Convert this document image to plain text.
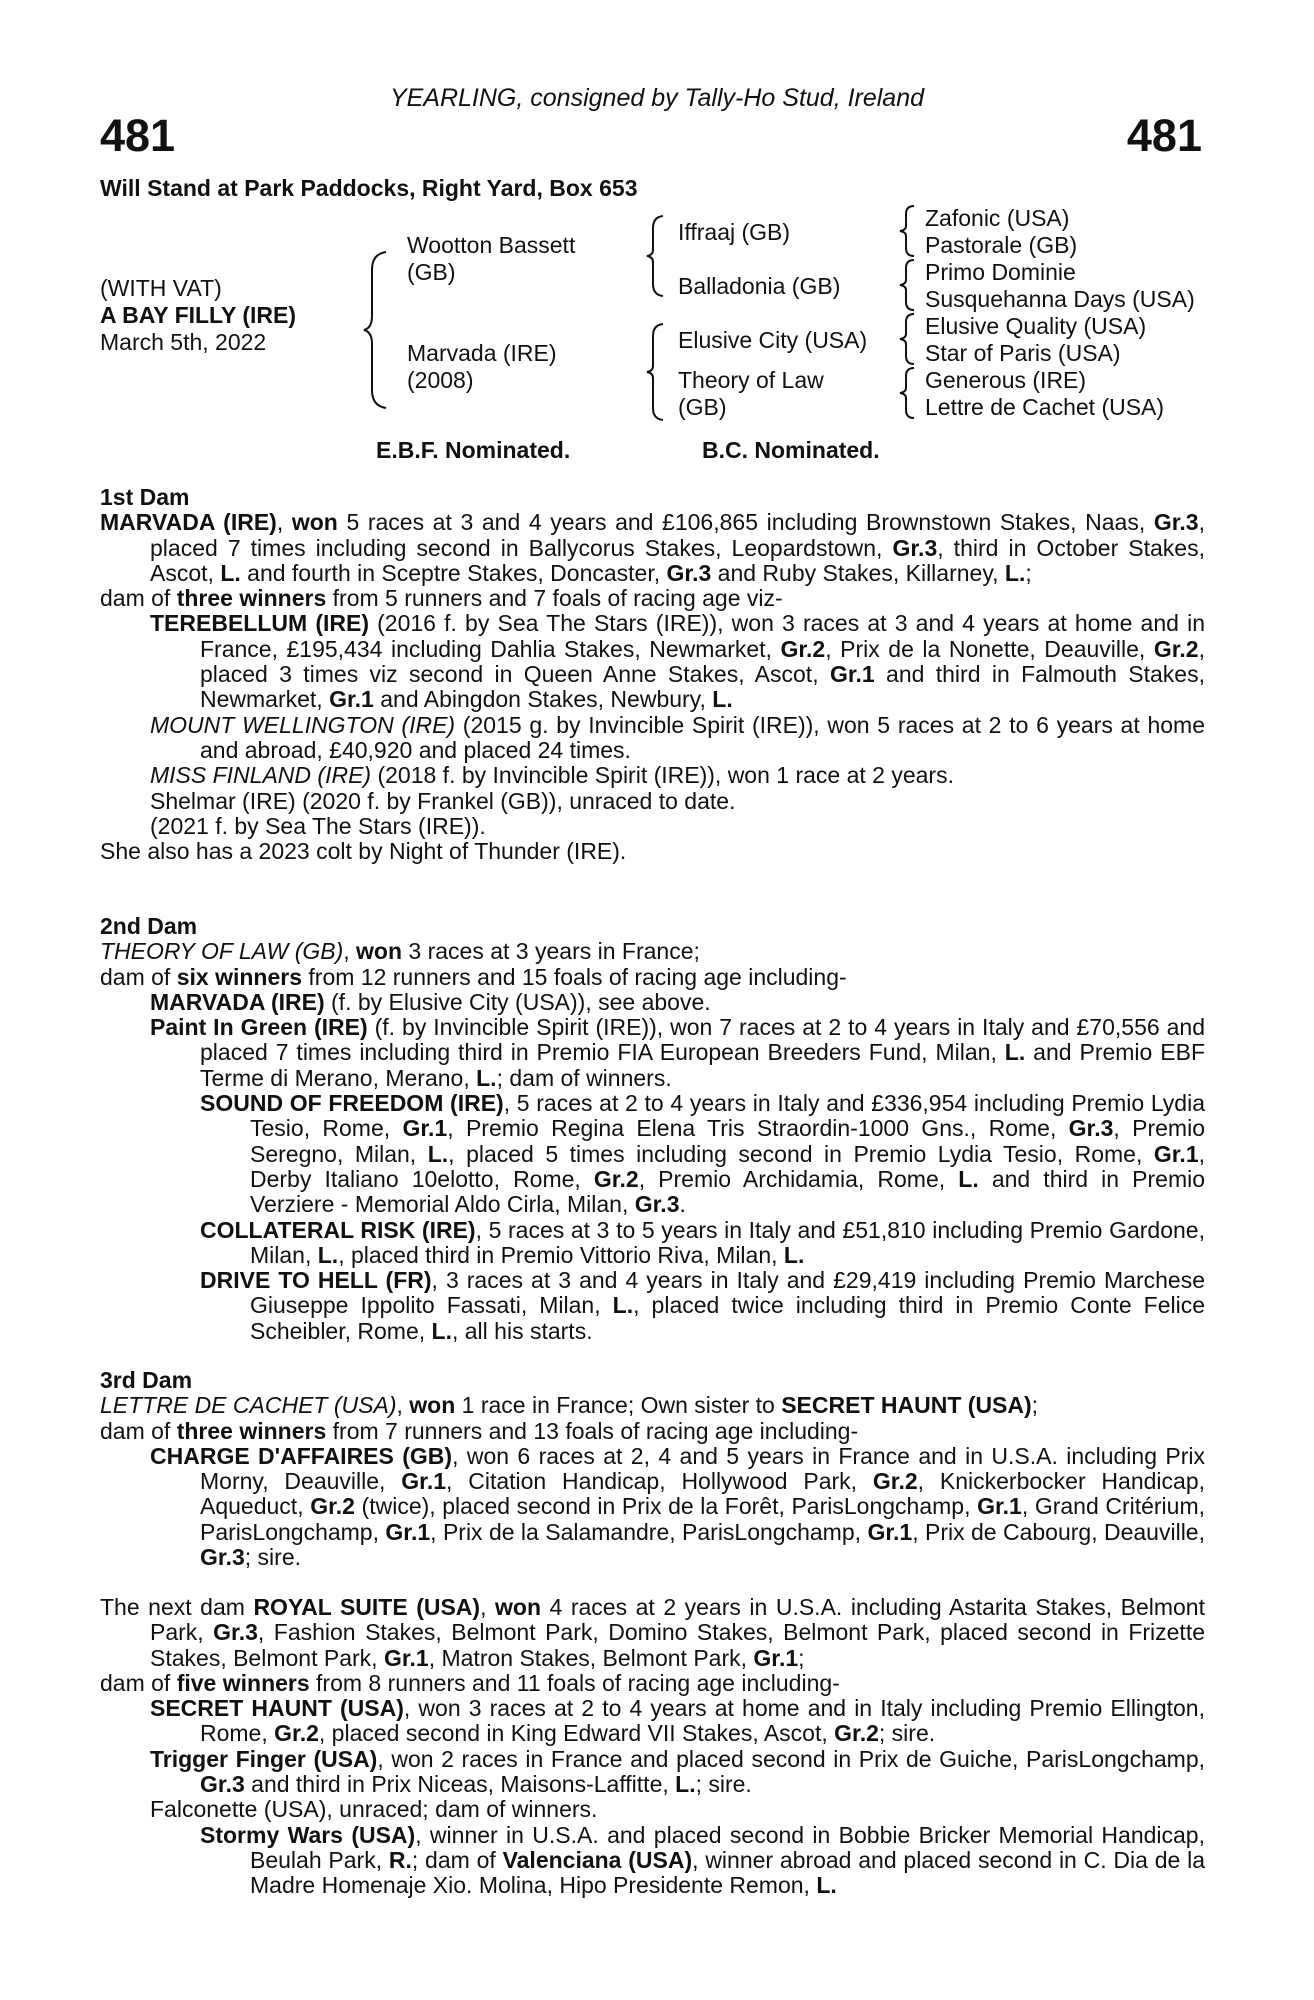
YEARLING, consigned by Tally-Ho Stud, Ireland
481	481
Will Stand at Park Paddocks, Right Yard, Box 653
(WITH VAT)
A BAY FILLY (IRE)
March 5th, 2022
Wootton Bassett
(GB)
Marvada (IRE)
(2008)
Iffraaj (GB)
Balladonia (GB)
Elusive City (USA)
Theory of Law
(GB)
Zafonic (USA)
Pastorale (GB)
Primo Dominie
Susquehanna Days (USA)
Elusive Quality (USA)
Star of Paris (USA)
Generous (IRE)
Lettre de Cachet (USA)
E.B.F. Nominated.	B.C. Nominated.

1st Dam

MARVADA (IRE), won 5 races at 3 and 4 years and £106,865 including Brownstown Stakes, Naas, Gr.3, placed 7 times including second in Ballycorus Stakes, Leopardstown, Gr.3, third in October Stakes, Ascot, L. and fourth in Sceptre Stakes, Doncaster, Gr.3 and Ruby Stakes, Killarney, L.;

dam of three winners from 5 runners and 7 foals of racing age viz-

TEREBELLUM (IRE) (2016 f. by Sea The Stars (IRE)), won 3 races at 3 and 4 years at home and in France, £195,434 including Dahlia Stakes, Newmarket, Gr.2, Prix de la Nonette, Deauville, Gr.2, placed 3 times viz second in Queen Anne Stakes, Ascot, Gr.1 and third in Falmouth Stakes, Newmarket, Gr.1 and Abingdon Stakes, Newbury, L.

MOUNT WELLINGTON (IRE) (2015 g. by Invincible Spirit (IRE)), won 5 races at 2 to 6 years at home and abroad, £40,920 and placed 24 times.

MISS FINLAND (IRE) (2018 f. by Invincible Spirit (IRE)), won 1 race at 2 years.

Shelmar (IRE) (2020 f. by Frankel (GB)), unraced to date.

(2021 f. by Sea The Stars (IRE)).

She also has a 2023 colt by Night of Thunder (IRE).

2nd Dam

THEORY OF LAW (GB), won 3 races at 3 years in France;

dam of six winners from 12 runners and 15 foals of racing age including-

MARVADA (IRE) (f. by Elusive City (USA)), see above.

Paint In Green (IRE) (f. by Invincible Spirit (IRE)), won 7 races at 2 to 4 years in Italy and £70,556 and placed 7 times including third in Premio FIA European Breeders Fund, Milan, L. and Premio EBF Terme di Merano, Merano, L.; dam of winners.

SOUND OF FREEDOM (IRE), 5 races at 2 to 4 years in Italy and £336,954 including Premio Lydia Tesio, Rome, Gr.1, Premio Regina Elena Tris Straordin-1000 Gns., Rome, Gr.3, Premio Seregno, Milan, L., placed 5 times including second in Premio Lydia Tesio, Rome, Gr.1, Derby Italiano 10elotto, Rome, Gr.2, Premio Archidamia, Rome, L. and third in Premio Verziere - Memorial Aldo Cirla, Milan, Gr.3.

COLLATERAL RISK (IRE), 5 races at 3 to 5 years in Italy and £51,810 including Premio Gardone, Milan, L., placed third in Premio Vittorio Riva, Milan, L.

DRIVE TO HELL (FR), 3 races at 3 and 4 years in Italy and £29,419 including Premio Marchese Giuseppe Ippolito Fassati, Milan, L., placed twice including third in Premio Conte Felice Scheibler, Rome, L., all his starts.

3rd Dam

LETTRE DE CACHET (USA), won 1 race in France; Own sister to SECRET HAUNT (USA);

dam of three winners from 7 runners and 13 foals of racing age including-

CHARGE D'AFFAIRES (GB), won 6 races at 2, 4 and 5 years in France and in U.S.A. including Prix Morny, Deauville, Gr.1, Citation Handicap, Hollywood Park, Gr.2, Knickerbocker Handicap, Aqueduct, Gr.2 (twice), placed second in Prix de la Forêt, ParisLongchamp, Gr.1, Grand Critérium, ParisLongchamp, Gr.1, Prix de la Salamandre, ParisLongchamp, Gr.1, Prix de Cabourg, Deauville, Gr.3; sire.

The next dam ROYAL SUITE (USA), won 4 races at 2 years in U.S.A. including Astarita Stakes, Belmont Park, Gr.3, Fashion Stakes, Belmont Park, Domino Stakes, Belmont Park, placed second in Frizette Stakes, Belmont Park, Gr.1, Matron Stakes, Belmont Park, Gr.1;

dam of five winners from 8 runners and 11 foals of racing age including-

SECRET HAUNT (USA), won 3 races at 2 to 4 years at home and in Italy including Premio Ellington, Rome, Gr.2, placed second in King Edward VII Stakes, Ascot, Gr.2; sire.

Trigger Finger (USA), won 2 races in France and placed second in Prix de Guiche, ParisLongchamp, Gr.3 and third in Prix Niceas, Maisons-Laffitte, L.; sire.

Falconette (USA), unraced; dam of winners.

Stormy Wars (USA), winner in U.S.A. and placed second in Bobbie Bricker Memorial Handicap, Beulah Park, R.; dam of Valenciana (USA), winner abroad and placed second in C. Dia de la Madre Homenaje Xio. Molina, Hipo Presidente Remon, L.
